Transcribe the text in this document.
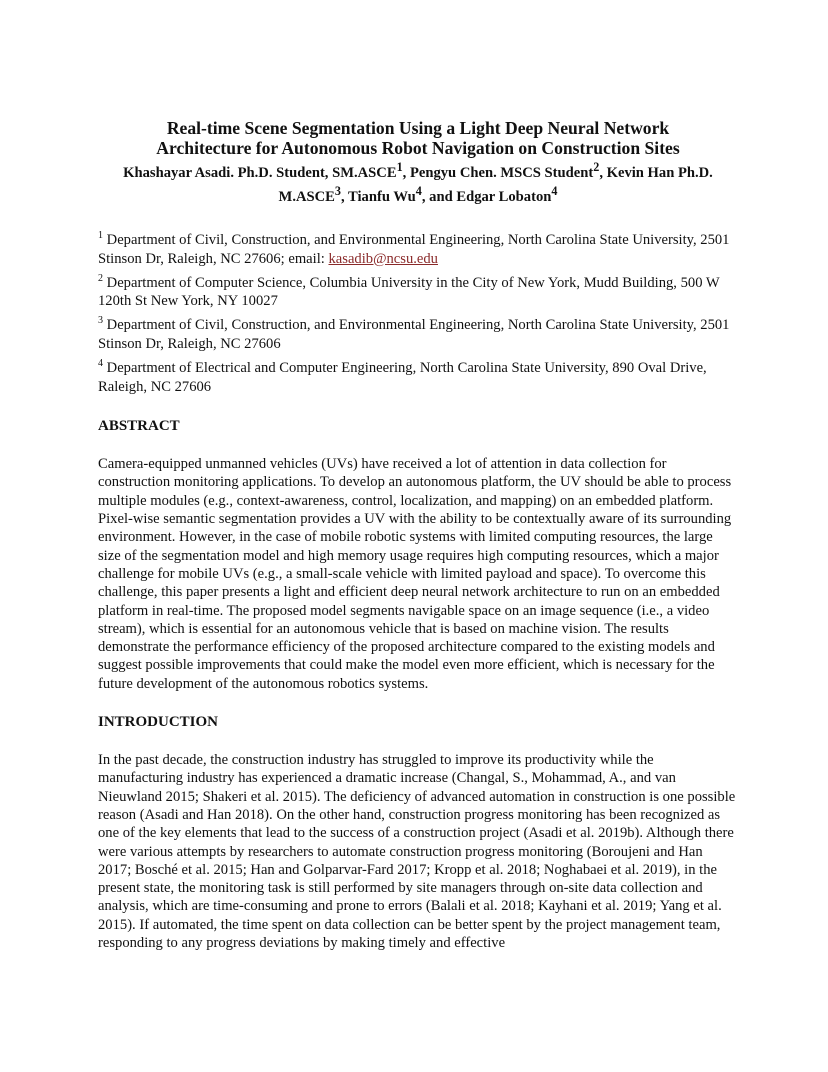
Real-time Scene Segmentation Using a Light Deep Neural Network
Architecture for Autonomous Robot Navigation on Construction Sites

Khashayar Asadi. Ph.D. Student, SM.ASCE$^1$, Pengyu Chen. MSCS Student$^2$, Kevin Han Ph.D. M.ASCE$^3$, Tianfu Wu$^4$, and Edgar Lobaton$^4$

$^1$ Department of Civil, Construction, and Environmental Engineering, North Carolina State University, 2501 Stinson Dr, Raleigh, NC 27606; email: kasadib@ncsu.edu
$^2$ Department of Computer Science, Columbia University in the City of New York, Mudd Building, 500 W 120th St New York, NY 10027
$^3$ Department of Civil, Construction, and Environmental Engineering, North Carolina State University, 2501 Stinson Dr, Raleigh, NC 27606
$^4$ Department of Electrical and Computer Engineering, North Carolina State University, 890 Oval Drive, Raleigh, NC 27606
ABSTRACT

Camera-equipped unmanned vehicles (UVs) have received a lot of attention in data collection for construction monitoring applications. To develop an autonomous platform, the UV should be able to process multiple modules (e.g., context-awareness, control, localization, and mapping) on an embedded platform. Pixel-wise semantic segmentation provides a UV with the ability to be contextually aware of its surrounding environment. However, in the case of mobile robotic systems with limited computing resources, the large size of the segmentation model and high memory usage requires high computing resources, which a major challenge for mobile UVs (e.g., a small-scale vehicle with limited payload and space). To overcome this challenge, this paper presents a light and efficient deep neural network architecture to run on an embedded platform in real-time. The proposed model segments navigable space on an image sequence (i.e., a video stream), which is essential for an autonomous vehicle that is based on machine vision. The results demonstrate the performance efficiency of the proposed architecture compared to the existing models and suggest possible improvements that could make the model even more efficient, which is necessary for the future development of the autonomous robotics systems.

INTRODUCTION

In the past decade, the construction industry has struggled to improve its productivity while the manufacturing industry has experienced a dramatic increase (Changal, S., Mohammad, A., and van Nieuwland 2015; Shakeri et al. 2015). The deficiency of advanced automation in construction is one possible reason (Asadi and Han 2018). On the other hand, construction progress monitoring has been recognized as one of the key elements that lead to the success of a construction project (Asadi et al. 2019b). Although there were various attempts by researchers to automate construction progress monitoring (Boroujeni and Han 2017; Bosché et al. 2015; Han and Golparvar-Fard 2017; Kropp et al. 2018; Noghabaei et al. 2019), in the present state, the monitoring task is still performed by site managers through on-site data collection and analysis, which are time-consuming and prone to errors (Balali et al. 2018; Kayhani et al. 2019; Yang et al. 2015). If automated, the time spent on data collection can be better spent by the project management team, responding to any progress deviations by making timely and effective
